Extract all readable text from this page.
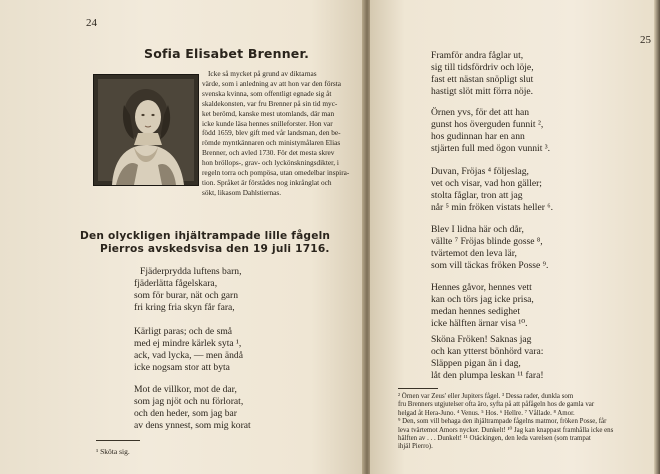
24
Sofia Elisabet Brenner.

Icke så mycket på grund av diktarnas
värde, som i anledning av att hon var den första
svenska kvinna, som offentligt egnade sig åt
skaldekonsten, var fru Brenner på sin tid myc-
ket berömd, kanske mest utomlands, där man
icke kunde läsa hennes snilleforster. Hon var
född 1659, blev gift med vår landsman, den be-
römde myntkännaren och ministymålaren Elias
Brenner, och avled 1730. För det mesta skrev
hon bröllops-, grav- och lyckönskningsdikter, i
regeln torra och pompösa, utan omedelbar inspira-
tion. Språket är förstådes nog inkrånglat och
sökt, likasom Dahlstiernas.

Den olyckligen ihjältrampade lille fågeln
Pierros avskedsvisa den 19 juli 1716.

Fjäderprydda luftens barn,
fjäderlätta fågelskara,
som för burar, nät och garn
fri kring fria skyn får fara,

Kärligt paras; och de små
med ej mindre kärlek syta ¹,
ack, vad lycka, — men ändå
icke nogsam stor att byta

Mot de villkor, mot de dar,
som jag njöt och nu förlorat,
och den heder, som jag bar
av dens ynnest, som mig korat

¹ Sköta sig.
25

Framför andra fåglar ut,
sig till tidsfördriv och löje,
fast ett nästan snöpligt slut
hastigt slöt mitt förra nöje.

Örnen yvs, för det att han
gunst hos överguden funnit ²,
hos gudinnan har en ann
stjärten full med ögon vunnit ³.

Duvan, Fröjas ⁴ följeslag,
vet och visar, vad hon gäller;
stolta fåglar, tron att jag
når ⁵ min fröken vistats heller ⁶.

Blev I lidna här och dår,
vällte ⁷ Fröjas blinde gosse ⁸,
tvärtemot den leva lär,
som vill täckas fröken Posse ⁹.

Hennes gåvor, hennes vett
kan och törs jag icke prisa,
medan hennes sedighet
icke hälften ärnar visa ¹⁰.

Sköna Fröken! Saknas jag
och kan ytterst bönhörd vara:
Släppen pigan än i dag,
låt den plumpa leskan ¹¹ fara!

² Örnen var Zeus' eller Jupiters fågel. ³ Dessa rader, dunkla som
fru Brenners utgjutelser ofta äro, syfta på att påfågeln hos de gamla var
helgad åt Hera-Juno. ⁴ Venus. ⁵ Hos. ⁶ Hellre. ⁷ Vållade. ⁸ Amor.
⁹ Den, som vill behaga den ihjältrampade fågelns matmor, fröken Posse, får
leva tvärtemot Amors nycker. Dunkelt! ¹⁰ Jag kan knappast framhålla icke ens
hälften av . . . Dunkelt! ¹¹ Otäckingen, den leda varelsen (som trampat
ihjäl Pierro).
